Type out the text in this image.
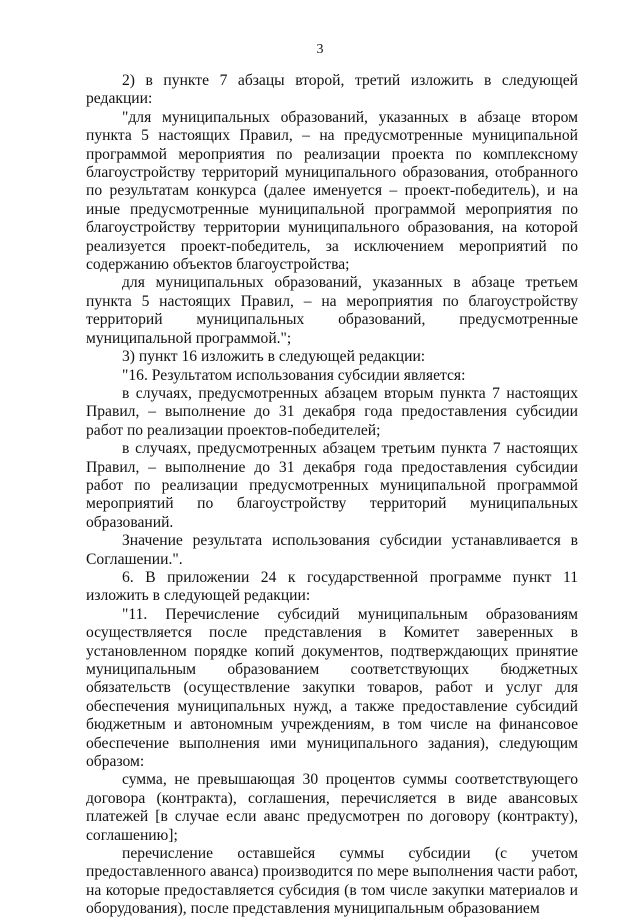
3

2) в пункте 7 абзацы второй, третий изложить в следующей редакции:

"для муниципальных образований, указанных в абзаце втором пункта 5 настоящих Правил, – на предусмотренные муниципальной программой мероприятия по реализации проекта по комплексному благоустройству территорий муниципального образования, отобранного по результатам конкурса (далее именуется – проект-победитель), и на иные предусмотренные муниципальной программой мероприятия по благоустройству территории муниципального образования, на которой реализуется проект-победитель, за исключением мероприятий по содержанию объектов благоустройства;

для муниципальных образований, указанных в абзаце третьем пункта 5 настоящих Правил, – на мероприятия по благоустройству территорий муниципальных образований, предусмотренные муниципальной программой.";

3) пункт 16 изложить в следующей редакции:

"16. Результатом использования субсидии является:

в случаях, предусмотренных абзацем вторым пункта 7 настоящих Правил, – выполнение до 31 декабря года предоставления субсидии работ по реализации проектов-победителей;

в случаях, предусмотренных абзацем третьим пункта 7 настоящих Правил, – выполнение до 31 декабря года предоставления субсидии работ по реализации предусмотренных муниципальной программой мероприятий по благоустройству территорий муниципальных образований.

Значение результата использования субсидии устанавливается в Соглашении.".

6. В приложении 24 к государственной программе пункт 11 изложить в следующей редакции:

"11. Перечисление субсидий муниципальным образованиям осуществляется после представления в Комитет заверенных в установленном порядке копий документов, подтверждающих принятие муниципальным образованием соответствующих бюджетных обязательств (осуществление закупки товаров, работ и услуг для обеспечения муниципальных нужд, а также предоставление субсидий бюджетным и автономным учреждениям, в том числе на финансовое обеспечение выполнения ими муниципального задания), следующим образом:

сумма, не превышающая 30 процентов суммы соответствующего договора (контракта), соглашения, перечисляется в виде авансовых платежей [в случае если аванс предусмотрен по договору (контракту), соглашению];

перечисление оставшейся суммы субсидии (с учетом предоставленного аванса) производится по мере выполнения части работ, на которые предоставляется субсидия (в том числе закупки материалов и оборудования), после представления муниципальным образованием
